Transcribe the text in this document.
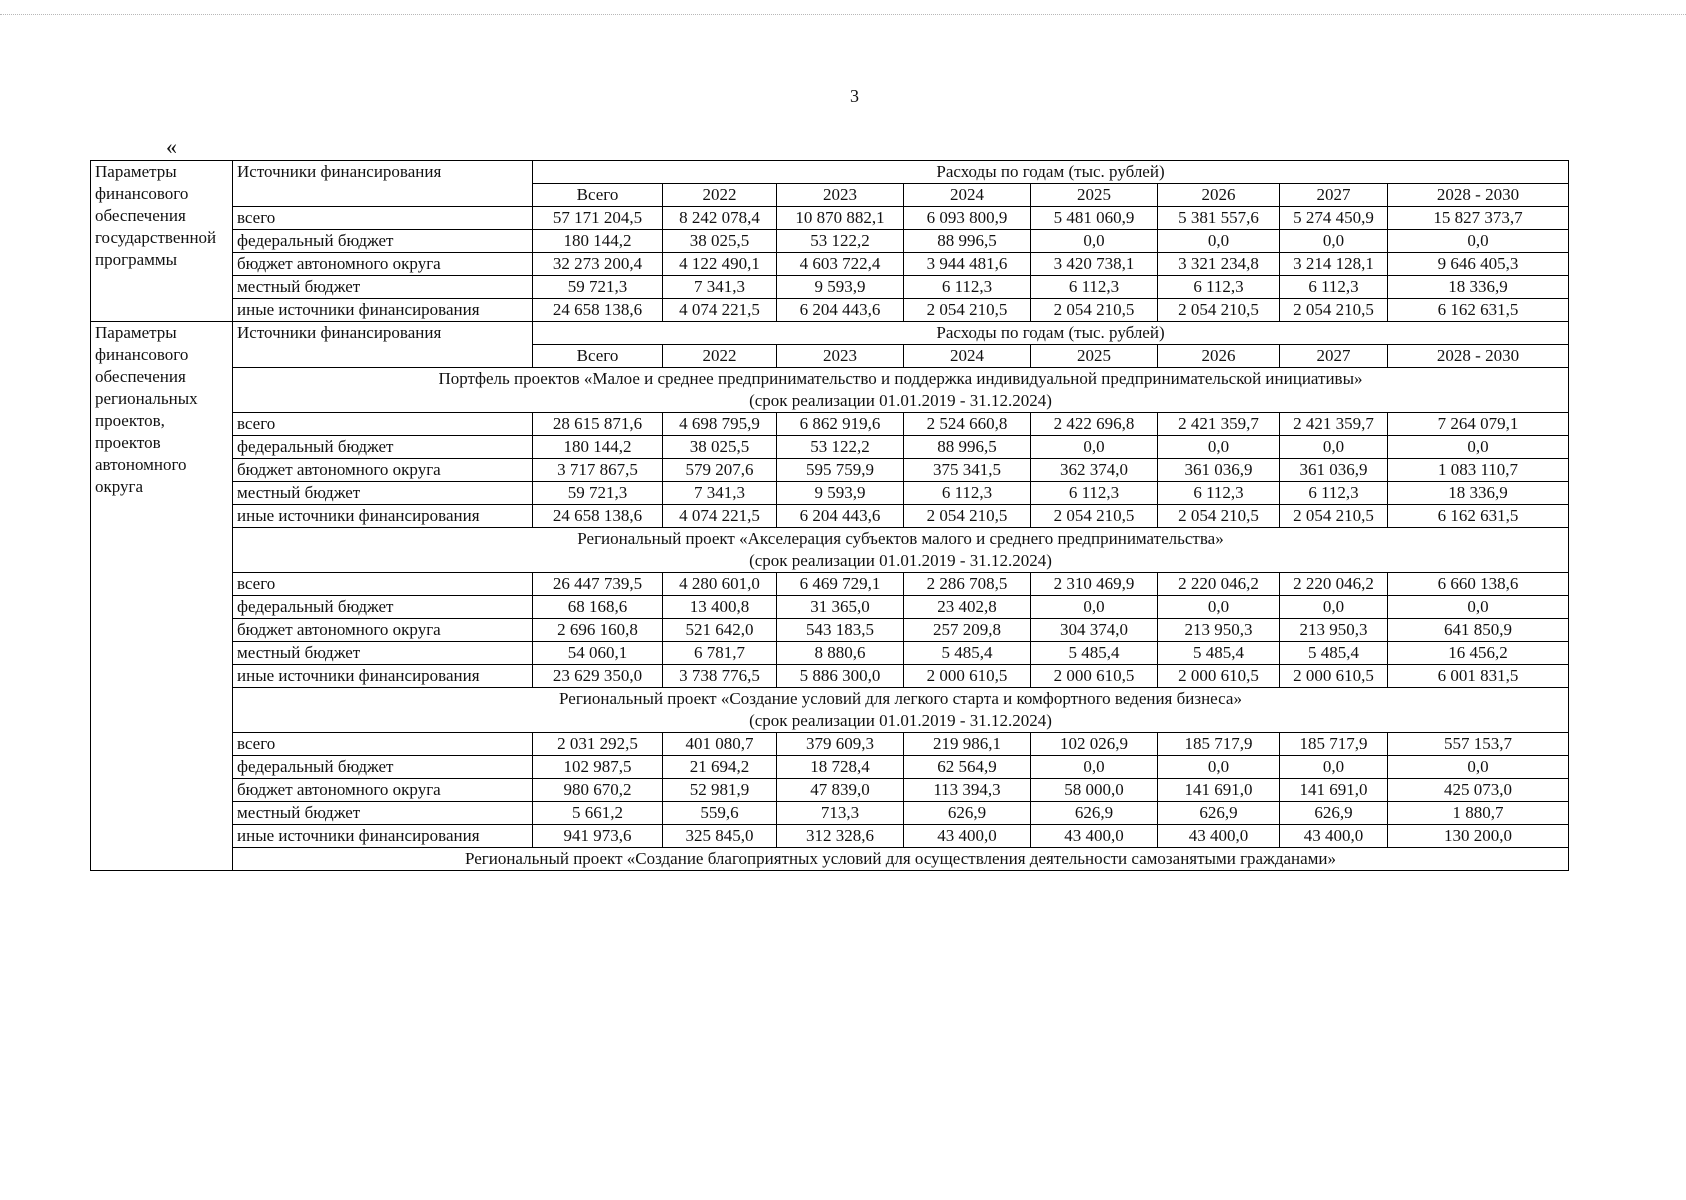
3
«
Параметры финансового обеспечения государственной программы	Источники финансирования	Расходы по годам (тыс. рублей)							
		Всего	2022	2023	2024	2025	2026	2027	2028 - 2030
	всего	57 171 204,5	8 242 078,4	10 870 882,1	6 093 800,9	5 481 060,9	5 381 557,6	5 274 450,9	15 827 373,7
	федеральный бюджет	180 144,2	38 025,5	53 122,2	88 996,5	0,0	0,0	0,0	0,0
	бюджет автономного округа	32 273 200,4	4 122 490,1	4 603 722,4	3 944 481,6	3 420 738,1	3 321 234,8	3 214 128,1	9 646 405,3
	местный бюджет	59 721,3	7 341,3	9 593,9	6 112,3	6 112,3	6 112,3	6 112,3	18 336,9
	иные источники финансирования	24 658 138,6	4 074 221,5	6 204 443,6	2 054 210,5	2 054 210,5	2 054 210,5	2 054 210,5	6 162 631,5
Параметры финансового обеспечения региональных проектов, проектов автономного округа	Источники финансирования	Расходы по годам (тыс. рублей)							
		Всего	2022	2023	2024	2025	2026	2027	2028 - 2030

	Портфель проектов «Малое и среднее предпринимательство и поддержка индивидуальной предпринимательской инициативы»
(срок реализации 01.01.2019 - 31.12.2024)								

	всего	28 615 871,6	4 698 795,9	6 862 919,6	2 524 660,8	2 422 696,8	2 421 359,7	2 421 359,7	7 264 079,1
	федеральный бюджет	180 144,2	38 025,5	53 122,2	88 996,5	0,0	0,0	0,0	0,0
	бюджет автономного округа	3 717 867,5	579 207,6	595 759,9	375 341,5	362 374,0	361 036,9	361 036,9	1 083 110,7
	местный бюджет	59 721,3	7 341,3	9 593,9	6 112,3	6 112,3	6 112,3	6 112,3	18 336,9
	иные источники финансирования	24 658 138,6	4 074 221,5	6 204 443,6	2 054 210,5	2 054 210,5	2 054 210,5	2 054 210,5	6 162 631,5

	Региональный проект «Акселерация субъектов малого и среднего предпринимательства»
(срок реализации 01.01.2019 - 31.12.2024)								

	всего	26 447 739,5	4 280 601,0	6 469 729,1	2 286 708,5	2 310 469,9	2 220 046,2	2 220 046,2	6 660 138,6
	федеральный бюджет	68 168,6	13 400,8	31 365,0	23 402,8	0,0	0,0	0,0	0,0
	бюджет автономного округа	2 696 160,8	521 642,0	543 183,5	257 209,8	304 374,0	213 950,3	213 950,3	641 850,9
	местный бюджет	54 060,1	6 781,7	8 880,6	5 485,4	5 485,4	5 485,4	5 485,4	16 456,2
	иные источники финансирования	23 629 350,0	3 738 776,5	5 886 300,0	2 000 610,5	2 000 610,5	2 000 610,5	2 000 610,5	6 001 831,5

	Региональный проект «Создание условий для легкого старта и комфортного ведения бизнеса»
(срок реализации 01.01.2019 - 31.12.2024)								

	всего	2 031 292,5	401 080,7	379 609,3	219 986,1	102 026,9	185 717,9	185 717,9	557 153,7
	федеральный бюджет	102 987,5	21 694,2	18 728,4	62 564,9	0,0	0,0	0,0	0,0
	бюджет автономного округа	980 670,2	52 981,9	47 839,0	113 394,3	58 000,0	141 691,0	141 691,0	425 073,0
	местный бюджет	5 661,2	559,6	713,3	626,9	626,9	626,9	626,9	1 880,7
	иные источники финансирования	941 973,6	325 845,0	312 328,6	43 400,0	43 400,0	43 400,0	43 400,0	130 200,0

	Региональный проект «Создание благоприятных условий для осуществления деятельности самозанятыми гражданами»								
